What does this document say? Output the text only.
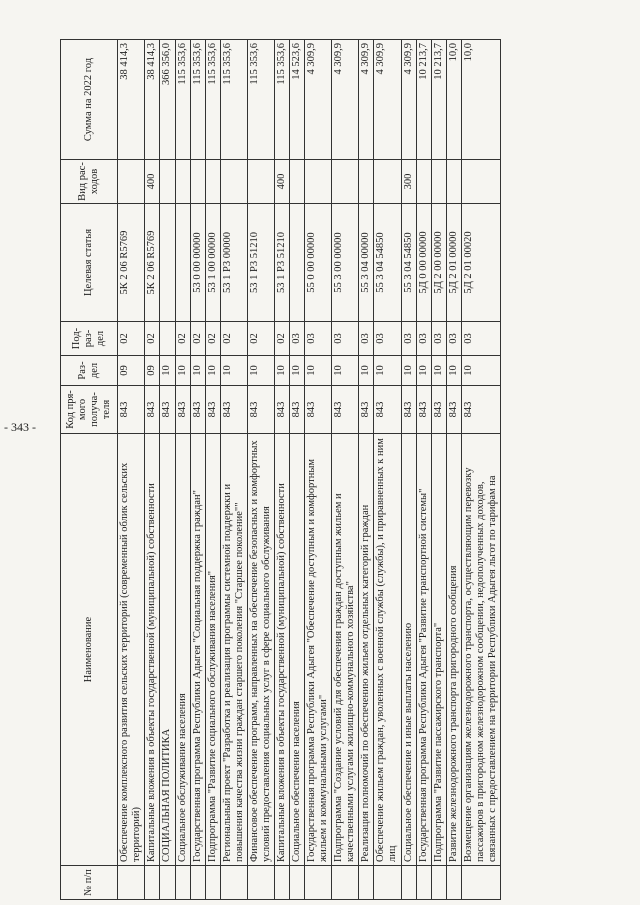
- 343 -
№ п/п	Наименование	Код пря- мого получа- теля	Раз- дел	Под- раз- дел	Целевая статья	Вид рас- ходов	Сумма на 2022 год
	Обеспечение комплексного развития сельских территорий (современный облик сельских территорий)	843	09	02	5К 2 06 R5769		38 414,3
	Капитальные вложения в объекты государственной (муниципальной) собственности	843	09	02	5К 2 06 R5769	400	38 414,3
	СОЦИАЛЬНАЯ ПОЛИТИКА	843	10				366 356,0
	Социальное обслуживание населения	843	10	02			115 353,6
	Государственная программа Республики Адыгея "Социальная поддержка граждан"	843	10	02	53 0 00 00000		115 353,6
	Подпрограмма "Развитие социального обслуживания населения"	843	10	02	53 1 00 00000		115 353,6
	Региональный проект "Разработка и реализация программы системной поддержки и повышения качества жизни граждан старшего поколения "Старшее поколение""	843	10	02	53 1 P3 00000		115 353,6
	Финансовое обеспечение программ, направленных на обеспечение безопасных и комфортных условий предоставления социальных услуг в сфере социального обслуживания	843	10	02	53 1 P3 51210		115 353,6
	Капитальные вложения в объекты государственной (муниципальной) собственности	843	10	02	53 1 P3 51210	400	115 353,6
	Социальное обеспечение населения	843	10	03			14 523,6
	Государственная программа Республики Адыгея "Обеспечение доступным и комфортным жильем и коммунальными услугами"	843	10	03	55 0 00 00000		4 309,9
	Подпрограмма "Создание условий для обеспечения граждан доступным жильем и качественными услугами жилищно-коммунального хозяйства"	843	10	03	55 3 00 00000		4 309,9
	Реализация полномочий по обеспечению жильем отдельных категорий граждан	843	10	03	55 3 04 00000		4 309,9
	Обеспечение жильем граждан, уволенных с военной службы (службы), и приравненных к ним лиц	843	10	03	55 3 04 54850		4 309,9
	Социальное обеспечение и иные выплаты населению	843	10	03	55 3 04 54850	300	4 309,9
	Государственная программа Республики Адыгея "Развитие транспортной системы"	843	10	03	5Д 0 00 00000		10 213,7
	Подпрограмма "Развитие пассажирского транспорта"	843	10	03	5Д 2 00 00000		10 213,7
	Развитие железнодорожного транспорта пригородного сообщения	843	10	03	5Д 2 01 00000		10,0
	Возмещение организациям железнодорожного транспорта, осуществляющим перевозку пассажиров в пригородном железнодорожном сообщении, недополученных доходов, связанных с предоставлением на территории Республики Адыгея льгот по тарифам на	843	10	03	5Д 2 01 00020		10,0
